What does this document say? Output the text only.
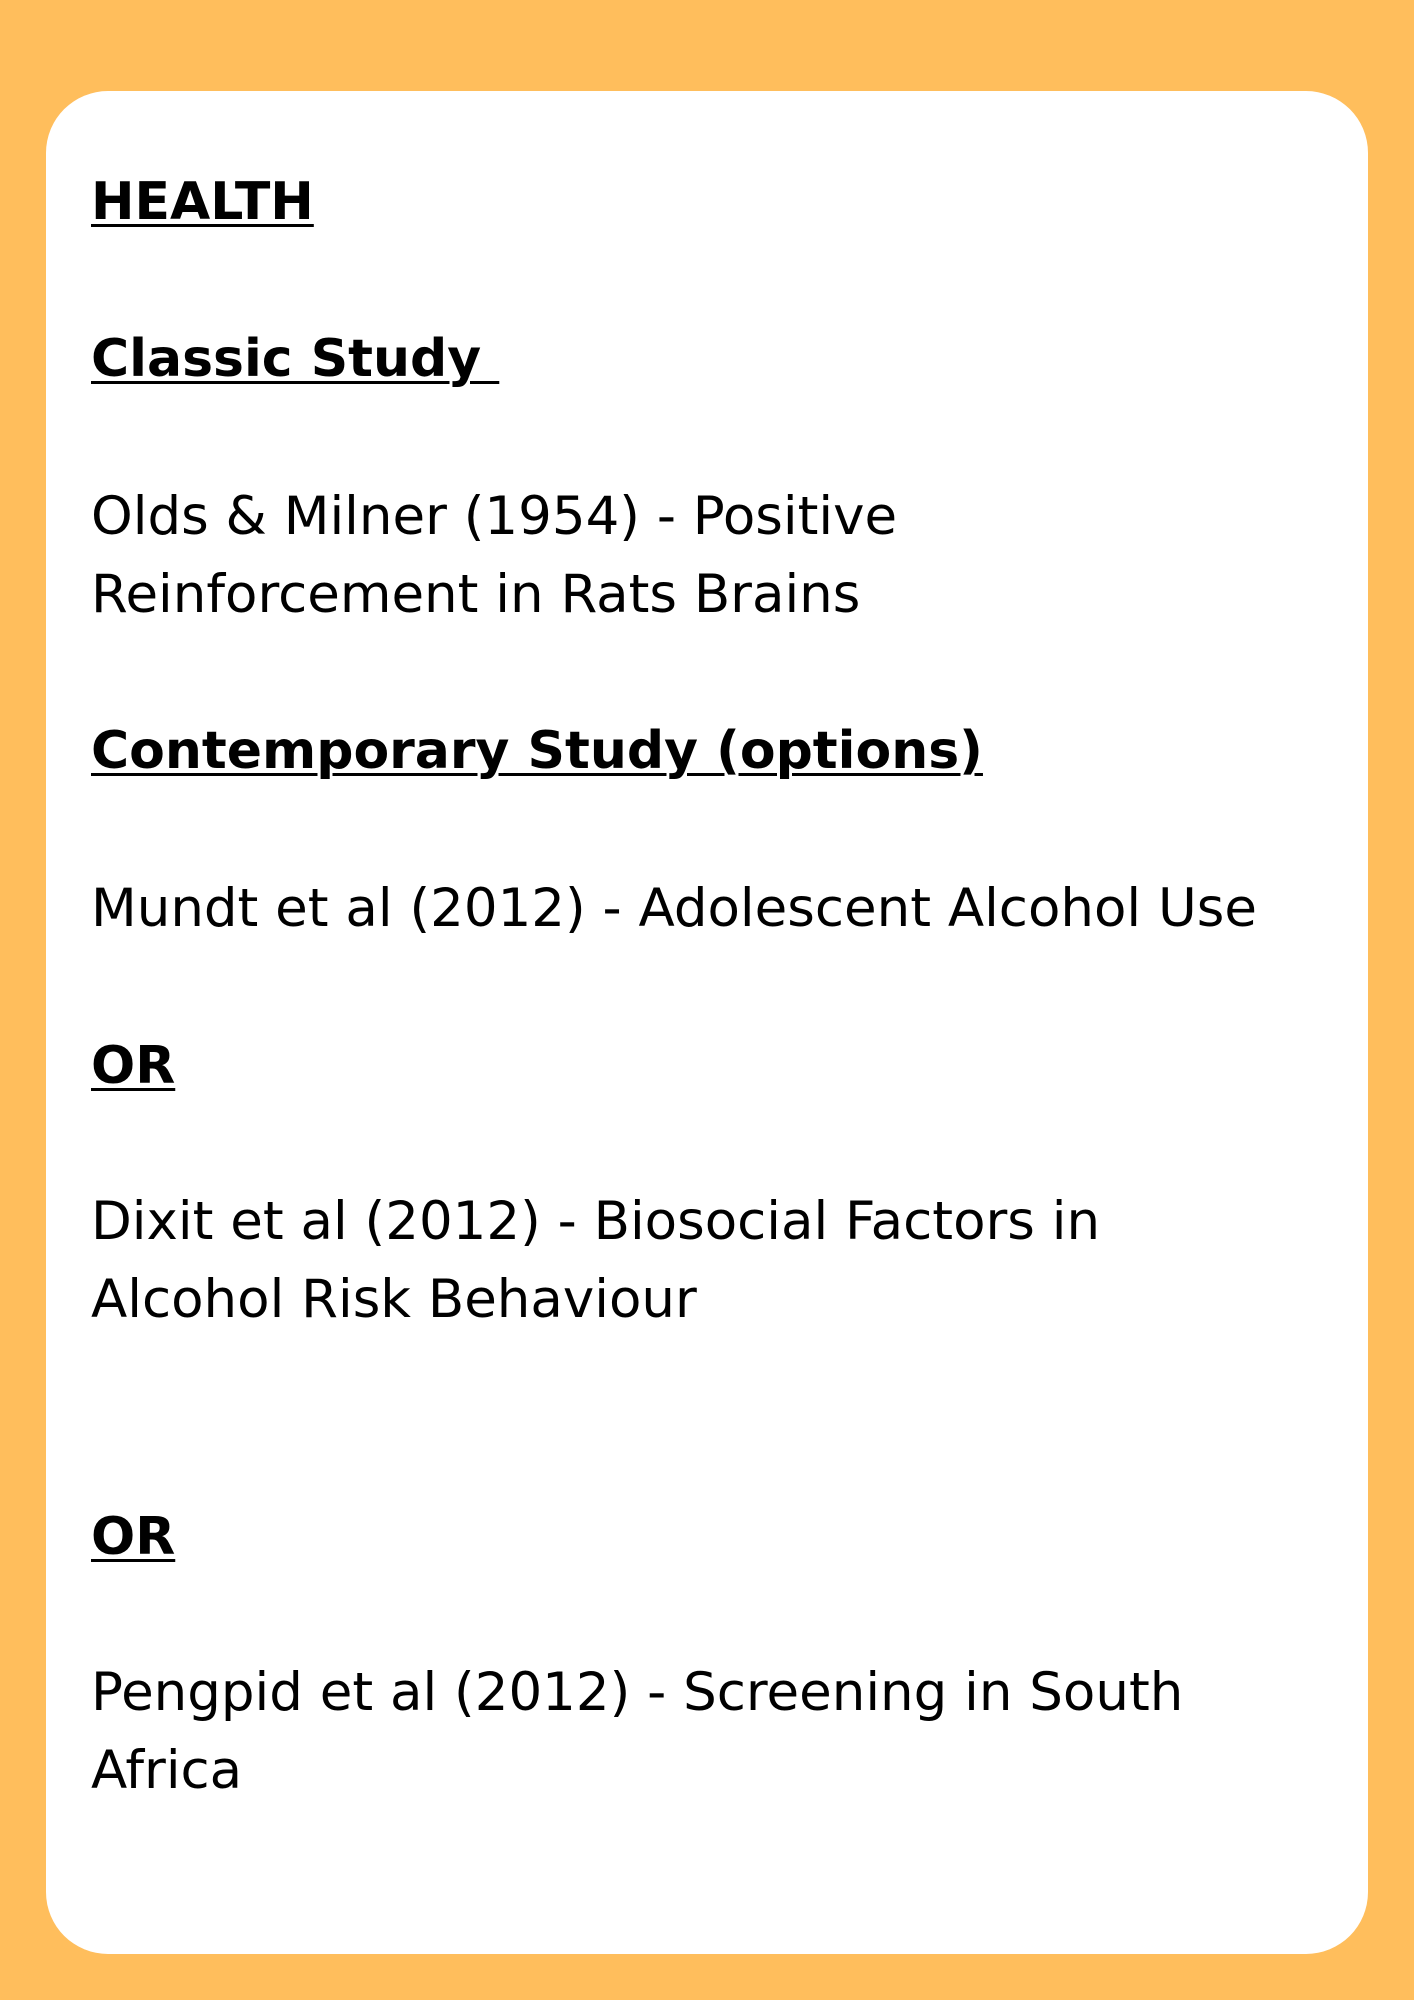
HEALTH
Classic Study

Olds & Milner (1954) - Positive
Reinforcement in Rats Brains

Contemporary Study (options)

Mundt et al (2012) - Adolescent Alcohol Use

OR

Dixit et al (2012) - Biosocial Factors in
Alcohol Risk Behaviour

OR

Pengpid et al (2012) - Screening in South
Africa
